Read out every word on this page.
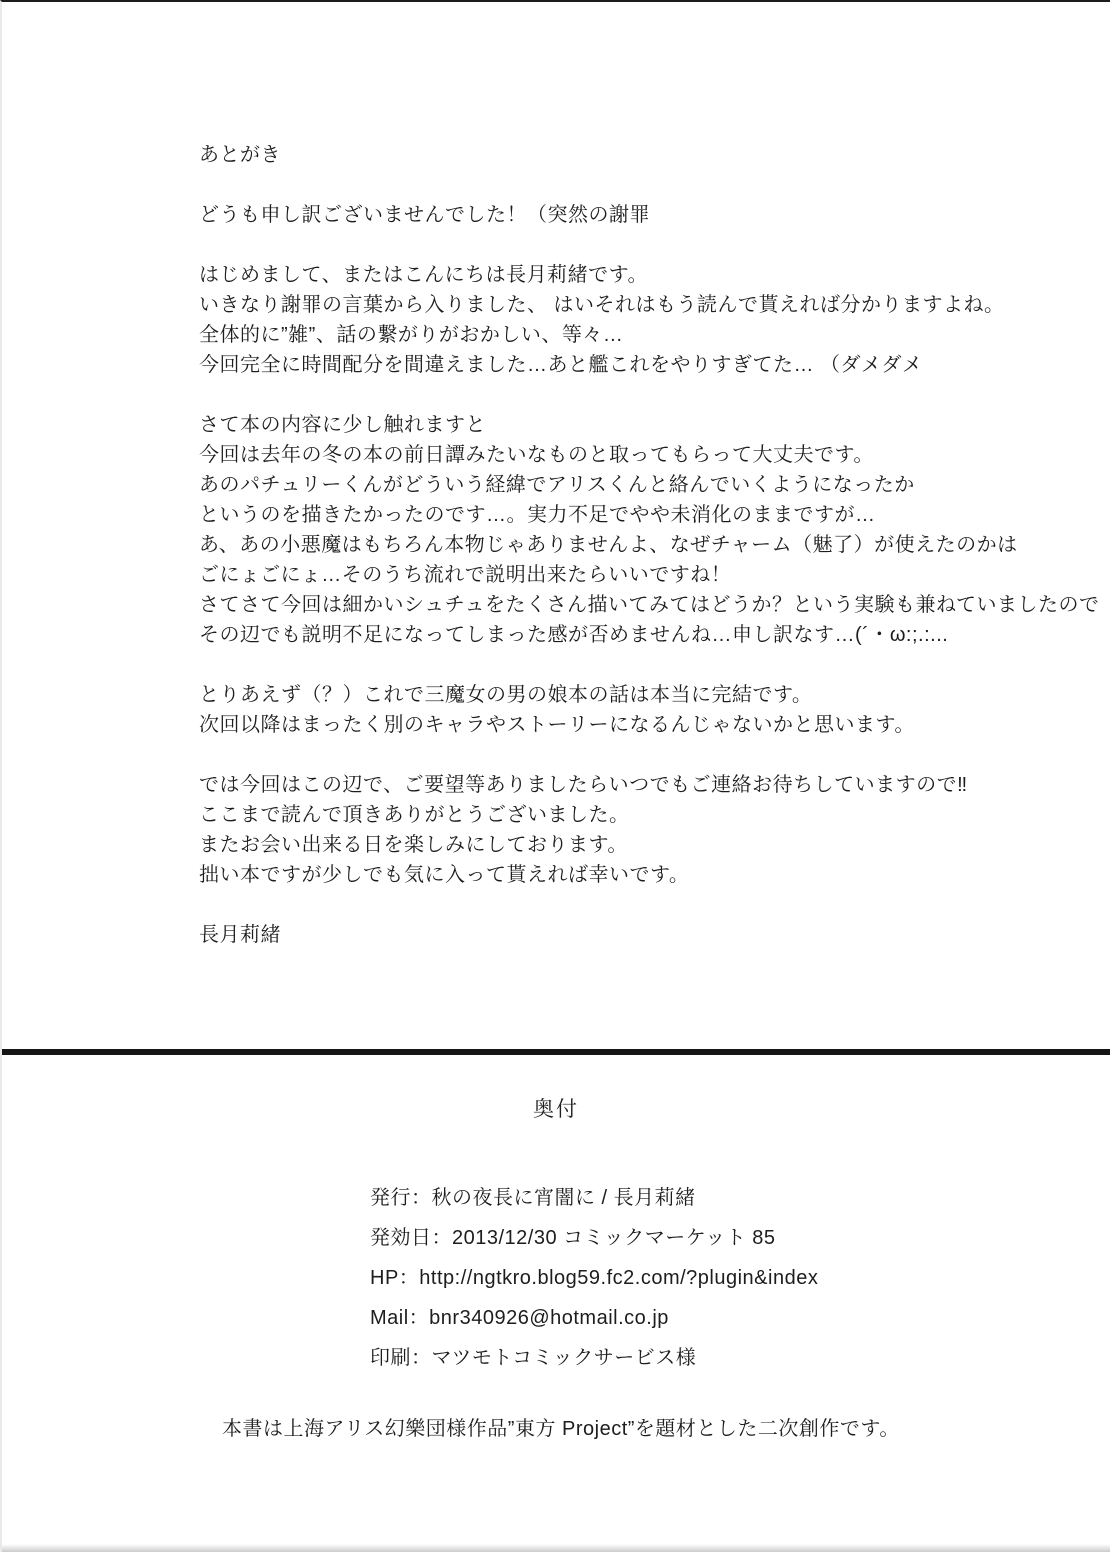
あとがき

どうも申し訳ございませんでした！（突然の謝罪

はじめまして、またはこんにちは長月莉緒です。
いきなり謝罪の言葉から入りました、 はいそれはもう読んで貰えれば分かりますよね。
全体的に”雑”、話の繋がりがおかしい、等々…
今回完全に時間配分を間違えました…あと艦これをやりすぎてた… （ダメダメ

さて本の内容に少し触れますと
今回は去年の冬の本の前日譚みたいなものと取ってもらって大丈夫です。
あのパチュリーくんがどういう経緯でアリスくんと絡んでいくようになったか
というのを描きたかったのです…。実力不足でやや未消化のままですが…
あ、あの小悪魔はもちろん本物じゃありませんよ、なぜチャーム（魅了）が使えたのかは
ごにょごにょ…そのうち流れで説明出来たらいいですね！
さてさて今回は細かいシュチュをたくさん描いてみてはどうか？という実験も兼ねていましたので
その辺でも説明不足になってしまった感が否めませんね…申し訳なす…(´・ω:;.:...

とりあえず（？）これで三魔女の男の娘本の話は本当に完結です。
次回以降はまったく別のキャラやストーリーになるんじゃないかと思います。

では今回はこの辺で、ご要望等ありましたらいつでもご連絡お待ちしていますので‼
ここまで読んで頂きありがとうございました。
またお会い出来る日を楽しみにしております。
拙い本ですが少しでも気に入って貰えれば幸いです。

長月莉緒

奥付
発行：秋の夜長に宵闇に / 長月莉緒
発効日：2013/12/30 コミックマーケット 85
HP：http://ngtkro.blog59.fc2.com/?plugin&index
Mail：bnr340926@hotmail.co.jp
印刷：マツモトコミックサービス様
本書は上海アリス幻樂団様作品”東方 Project”を題材とした二次創作です。
